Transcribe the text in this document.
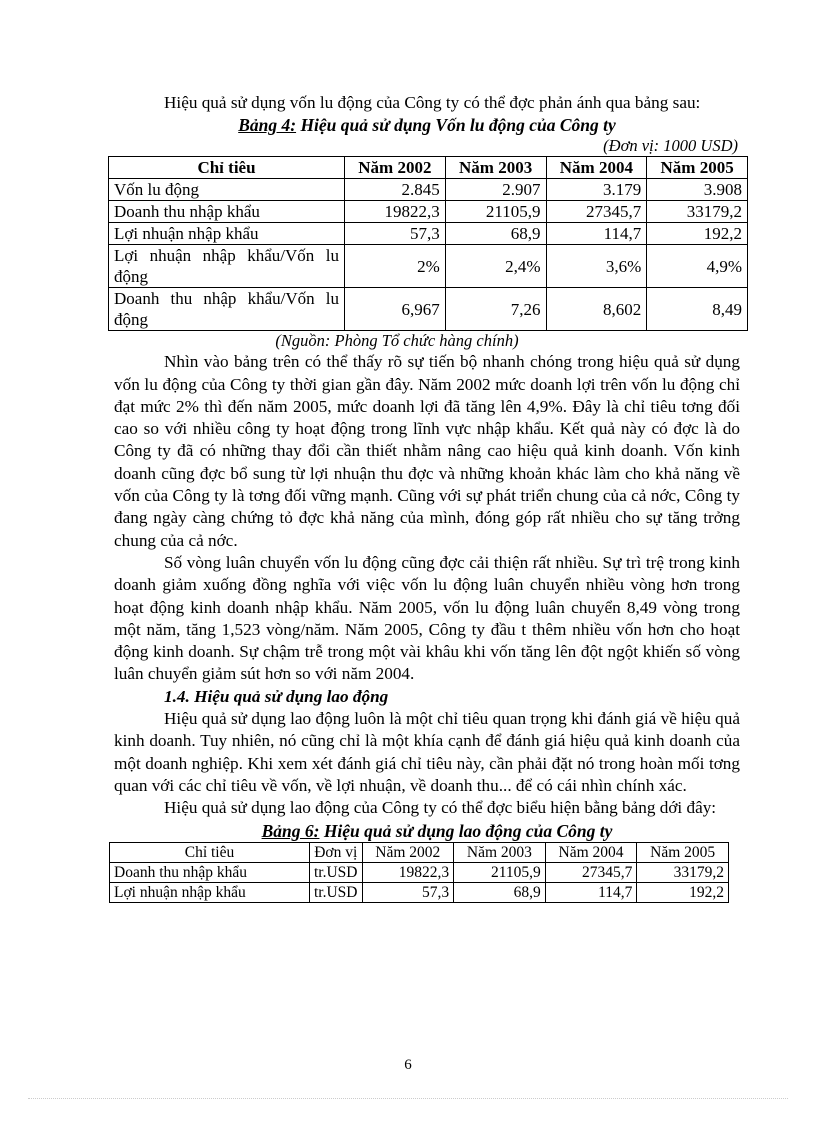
Hiệu quả sử dụng vốn lu động của Công ty có thể đợc phản ánh qua bảng sau:

Bảng 4: Hiệu quả sử dụng Vốn lu động của Công ty
(Đơn vị: 1000 USD)
Chỉ tiêu	Năm 2002	Năm 2003	Năm 2004	Năm 2005
Vốn lu động	2.845	2.907	3.179	3.908
Doanh thu nhập khẩu	19822,3	21105,9	27345,7	33179,2
Lợi nhuận nhập khẩu	57,3	68,9	114,7	192,2
Lợi nhuận nhập khẩu/Vốn lu động	2%	2,4%	3,6%	4,9%
Doanh thu nhập khẩu/Vốn lu động	6,967	7,26	8,602	8,49
(Nguồn: Phòng Tổ chức hàng chính)

Nhìn vào bảng trên có thể thấy rõ sự tiến bộ nhanh chóng trong hiệu quả sử dụng vốn lu động của Công ty thời gian gần đây. Năm 2002 mức doanh lợi trên vốn lu động chỉ đạt mức 2% thì đến năm 2005, mức doanh lợi đã tăng lên 4,9%. Đây là chỉ tiêu tơng đối cao so với nhiều công ty hoạt động trong lĩnh vực nhập khẩu. Kết quả này có đợc là do Công ty đã có những thay đổi cần thiết nhằm nâng cao hiệu quả kinh doanh. Vốn kinh doanh cũng đợc bổ sung từ lợi nhuận thu đợc và những khoản khác làm cho khả năng về vốn của Công ty là tơng đối vững mạnh. Cũng với sự phát triển chung của cả nớc, Công ty đang ngày càng chứng tỏ đợc khả năng của mình, đóng góp rất nhiều cho sự tăng trởng chung của cả nớc.

Số vòng luân chuyển vốn lu động cũng đợc cải thiện rất nhiều. Sự trì trệ trong kinh doanh giảm xuống đồng nghĩa với việc vốn lu động luân chuyển nhiều vòng hơn trong hoạt động kinh doanh nhập khẩu. Năm 2005, vốn lu động luân chuyển 8,49 vòng trong một năm, tăng 1,523 vòng/năm. Năm 2005, Công ty đầu t thêm nhiều vốn hơn cho hoạt động kinh doanh. Sự chậm trễ trong một vài khâu khi vốn tăng lên đột ngột khiến số vòng luân chuyển giảm sút hơn so với năm 2004.

1.4. Hiệu quả sử dụng lao động

Hiệu quả sử dụng lao động luôn là một chỉ tiêu quan trọng khi đánh giá về hiệu quả kinh doanh. Tuy nhiên, nó cũng chỉ là một khía cạnh để đánh giá hiệu quả kinh doanh của một doanh nghiệp. Khi xem xét đánh giá chỉ tiêu này, cần phải đặt nó trong hoàn mối tơng quan với các chỉ tiêu về vốn, về lợi nhuận, về doanh thu... để có cái nhìn chính xác.

Hiệu quả sử dụng lao động của Công ty có thể đợc biểu hiện bằng bảng dới đây:

Bảng 6: Hiệu quả sử dụng lao động của Công ty
Chỉ tiêu	Đơn vị	Năm 2002	Năm 2003	Năm 2004	Năm 2005
Doanh thu nhập khẩu	tr.USD	19822,3	21105,9	27345,7	33179,2
Lợi nhuận nhập khẩu	tr.USD	57,3	68,9	114,7	192,2
6
